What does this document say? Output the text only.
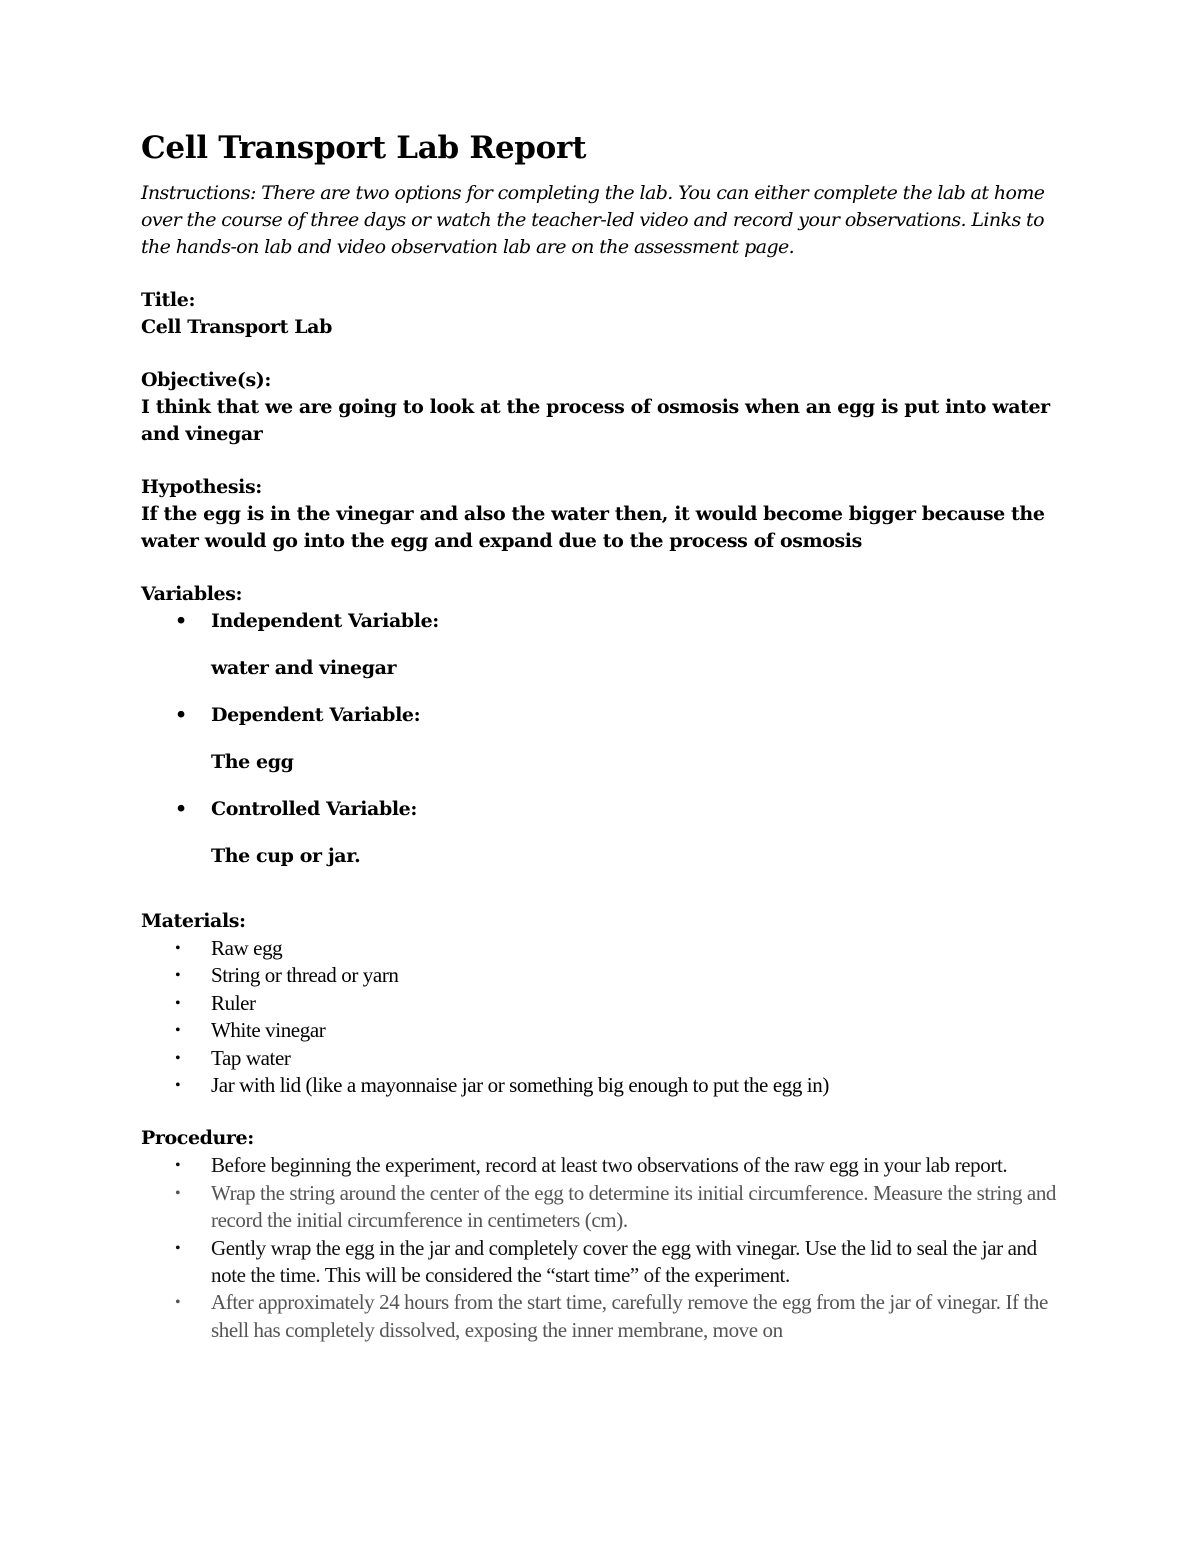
Cell Transport Lab Report

Instructions: There are two options for completing the lab. You can either complete the lab at home over the course of three days or watch the teacher-led video and record your observations. Links to the hands-on lab and video observation lab are on the assessment page.

Title:
Cell Transport Lab
Objective(s):
I think that we are going to look at the process of osmosis when an egg is put into water and vinegar
Hypothesis:
If the egg is in the vinegar and also the water then, it would become bigger because the water would go into the egg and expand due to the process of osmosis
Variables:
• Independent Variable:
water and vinegar
• Dependent Variable:
The egg
• Controlled Variable:
The cup or jar.
Materials:
• Raw egg
• String or thread or yarn
• Ruler
• White vinegar
• Tap water
• Jar with lid (like a mayonnaise jar or something big enough to put the egg in)
Procedure:
• Before beginning the experiment, record at least two observations of the raw egg in your lab report.
• Wrap the string around the center of the egg to determine its initial circumference. Measure the string and record the initial circumference in centimeters (cm).
• Gently wrap the egg in the jar and completely cover the egg with vinegar. Use the lid to seal the jar and note the time. This will be considered the “start time” of the experiment.
• After approximately 24 hours from the start time, carefully remove the egg from the jar of vinegar. If the shell has completely dissolved, exposing the inner membrane, move on
